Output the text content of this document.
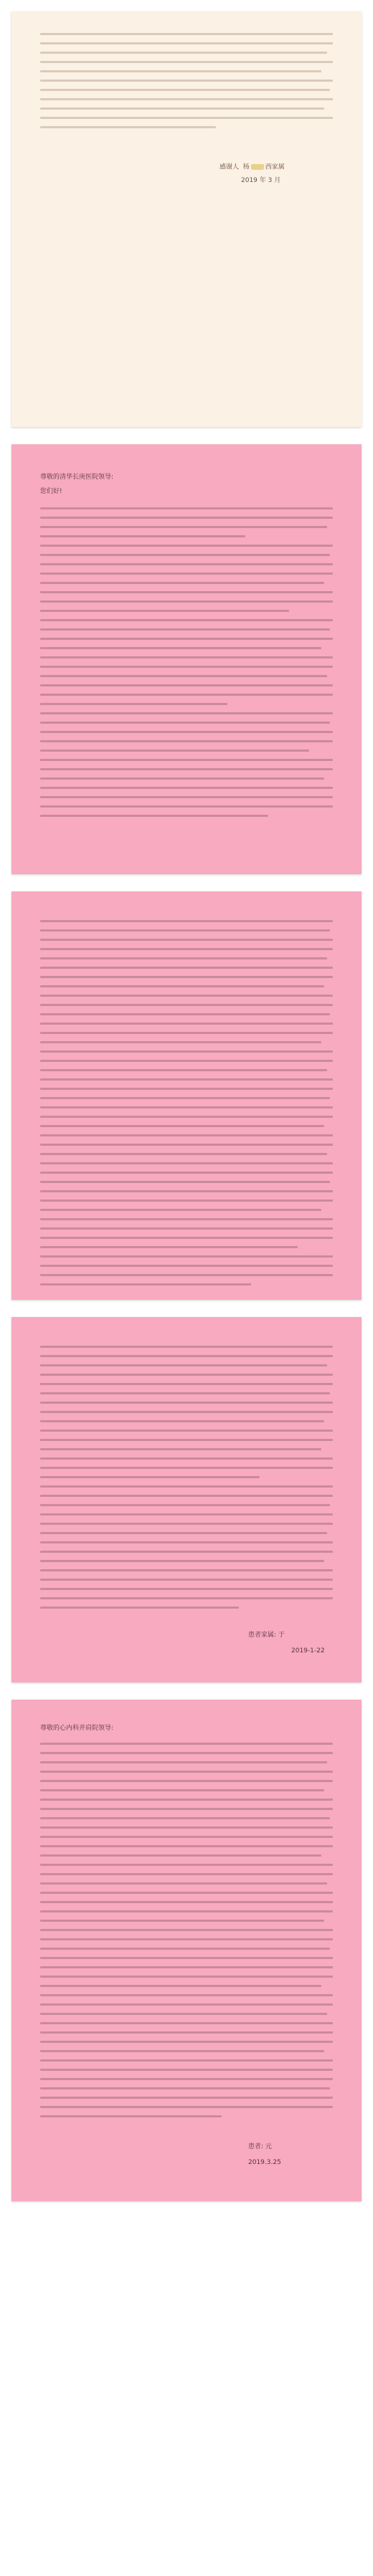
感谢人 杨 西家属
2019 年 3 月
尊敬的清华长庚医院领导:
您们好!
患者家属: 于
2019-1-22
尊敬的心内科并肩院领导:
患者: 元
2019.3.25
